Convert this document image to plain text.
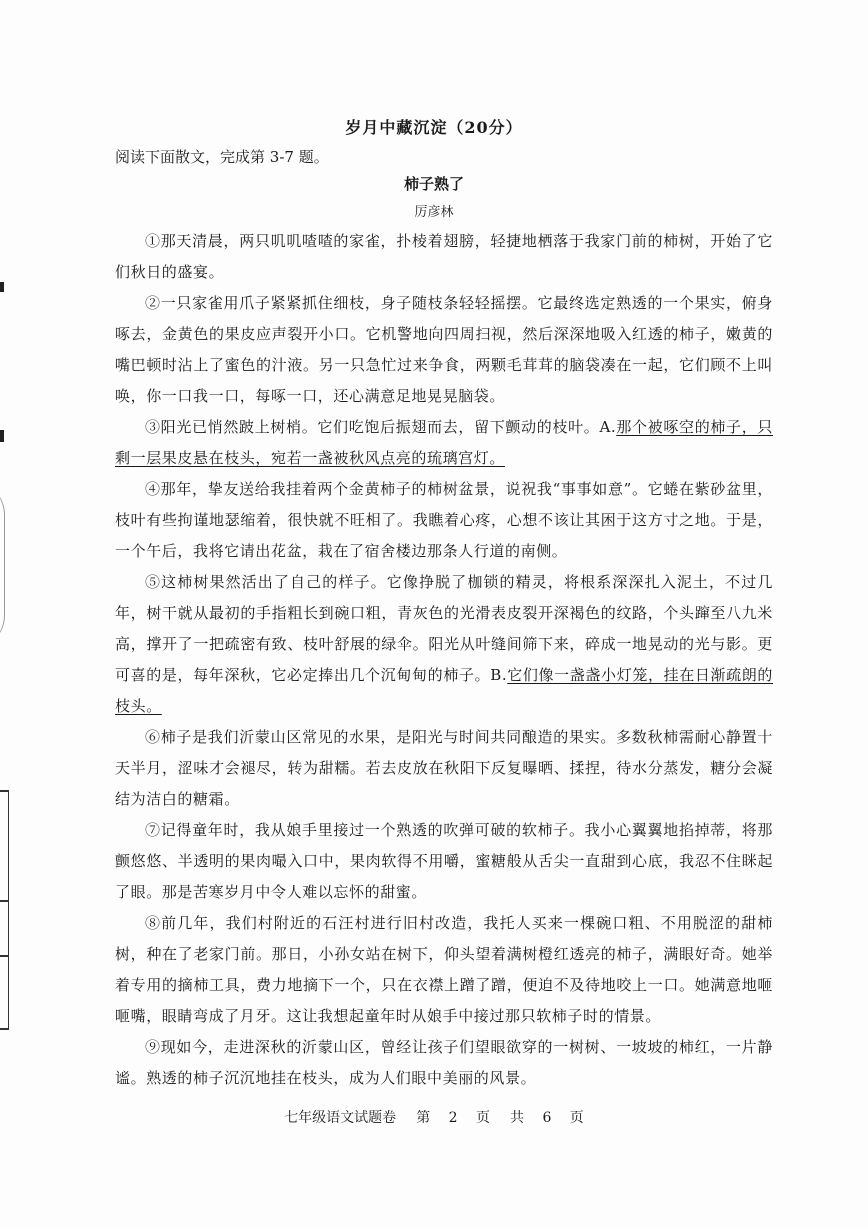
岁月中藏沉淀（20分）
阅读下面散文，完成第 3-7 题。
柿子熟了
厉彦林

①那天清晨，两只叽叽喳喳的家雀，扑棱着翅膀，轻捷地栖落于我家门前的柿树，开始了它们秋日的盛宴。

②一只家雀用爪子紧紧抓住细枝，身子随枝条轻轻摇摆。它最终选定熟透的一个果实，俯身啄去，金黄色的果皮应声裂开小口。它机警地向四周扫视，然后深深地吸入红透的柿子，嫩黄的嘴巴顿时沾上了蜜色的汁液。另一只急忙过来争食，两颗毛茸茸的脑袋凑在一起，它们顾不上叫唤，你一口我一口，每啄一口，还心满意足地晃晃脑袋。

③阳光已悄然跛上树梢。它们吃饱后振翅而去，留下颤动的枝叶。A.那个被啄空的柿子，只剩一层果皮悬在枝头，宛若一盏被秋风点亮的琉璃宫灯。

④那年，挚友送给我挂着两个金黄柿子的柿树盆景，说祝我“事事如意”。它蜷在紫砂盆里，枝叶有些拘谨地瑟缩着，很快就不旺相了。我瞧着心疼，心想不该让其困于这方寸之地。于是，一个午后，我将它请出花盆，栽在了宿舍楼边那条人行道的南侧。

⑤这柿树果然活出了自己的样子。它像挣脱了枷锁的精灵，将根系深深扎入泥土，不过几年，树干就从最初的手指粗长到碗口粗，青灰色的光滑表皮裂开深褐色的纹路，个头蹿至八九米高，撑开了一把疏密有致、枝叶舒展的绿伞。阳光从叶缝间筛下来，碎成一地晃动的光与影。更可喜的是，每年深秋，它必定捧出几个沉甸甸的柿子。B.它们像一盏盏小灯笼，挂在日渐疏朗的枝头。

⑥柿子是我们沂蒙山区常见的水果，是阳光与时间共同酿造的果实。多数秋柿需耐心静置十天半月，涩味才会褪尽，转为甜糯。若去皮放在秋阳下反复曝晒、揉捏，待水分蒸发，糖分会凝结为洁白的糖霜。

⑦记得童年时，我从娘手里接过一个熟透的吹弹可破的软柿子。我小心翼翼地掐掉蒂，将那颤悠悠、半透明的果肉嘬入口中，果肉软得不用嚼，蜜糖般从舌尖一直甜到心底，我忍不住眯起了眼。那是苦寒岁月中令人难以忘怀的甜蜜。

⑧前几年，我们村附近的石汪村进行旧村改造，我托人买来一棵碗口粗、不用脱涩的甜柿树，种在了老家门前。那日，小孙女站在树下，仰头望着满树橙红透亮的柿子，满眼好奇。她举着专用的摘柿工具，费力地摘下一个，只在衣襟上蹭了蹭，便迫不及待地咬上一口。她满意地咂咂嘴，眼睛弯成了月牙。这让我想起童年时从娘手中接过那只软柿子时的情景。

⑨现如今，走进深秋的沂蒙山区，曾经让孩子们望眼欲穿的一树树、一坡坡的柿红，一片静谧。熟透的柿子沉沉地挂在枝头，成为人们眼中美丽的风景。

七年级语文试题卷 第 2 页 共 6 页
